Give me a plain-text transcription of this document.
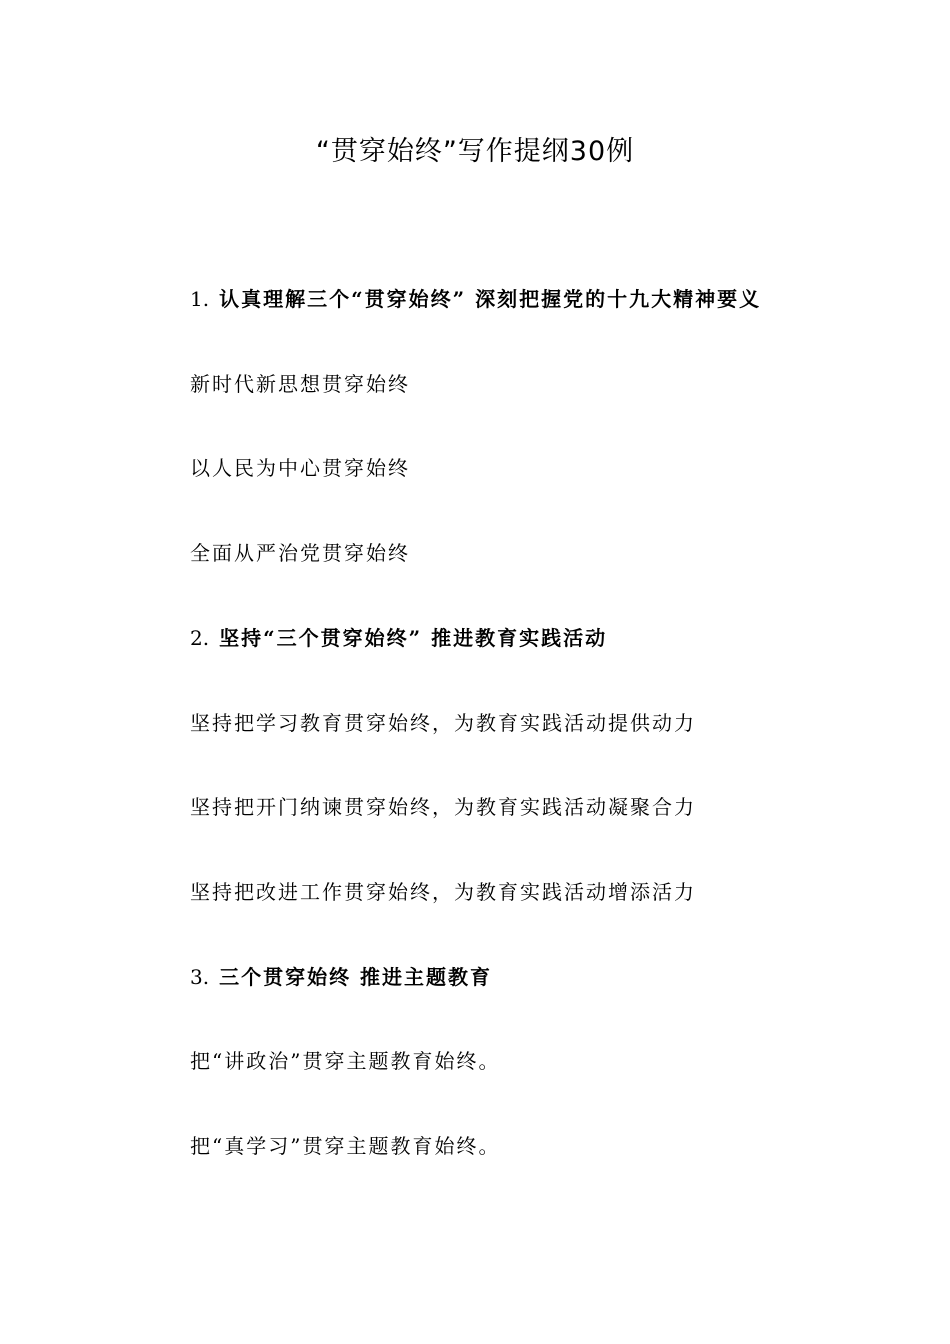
“贯穿始终”写作提纲30例
1. 认真理解三个“贯穿始终” 深刻把握党的十九大精神要义
新时代新思想贯穿始终
以人民为中心贯穿始终
全面从严治党贯穿始终
2. 坚持“三个贯穿始终” 推进教育实践活动
坚持把学习教育贯穿始终，为教育实践活动提供动力
坚持把开门纳谏贯穿始终，为教育实践活动凝聚合力
坚持把改进工作贯穿始终，为教育实践活动增添活力
3. 三个贯穿始终 推进主题教育
把“讲政治”贯穿主题教育始终。
把“真学习”贯穿主题教育始终。
